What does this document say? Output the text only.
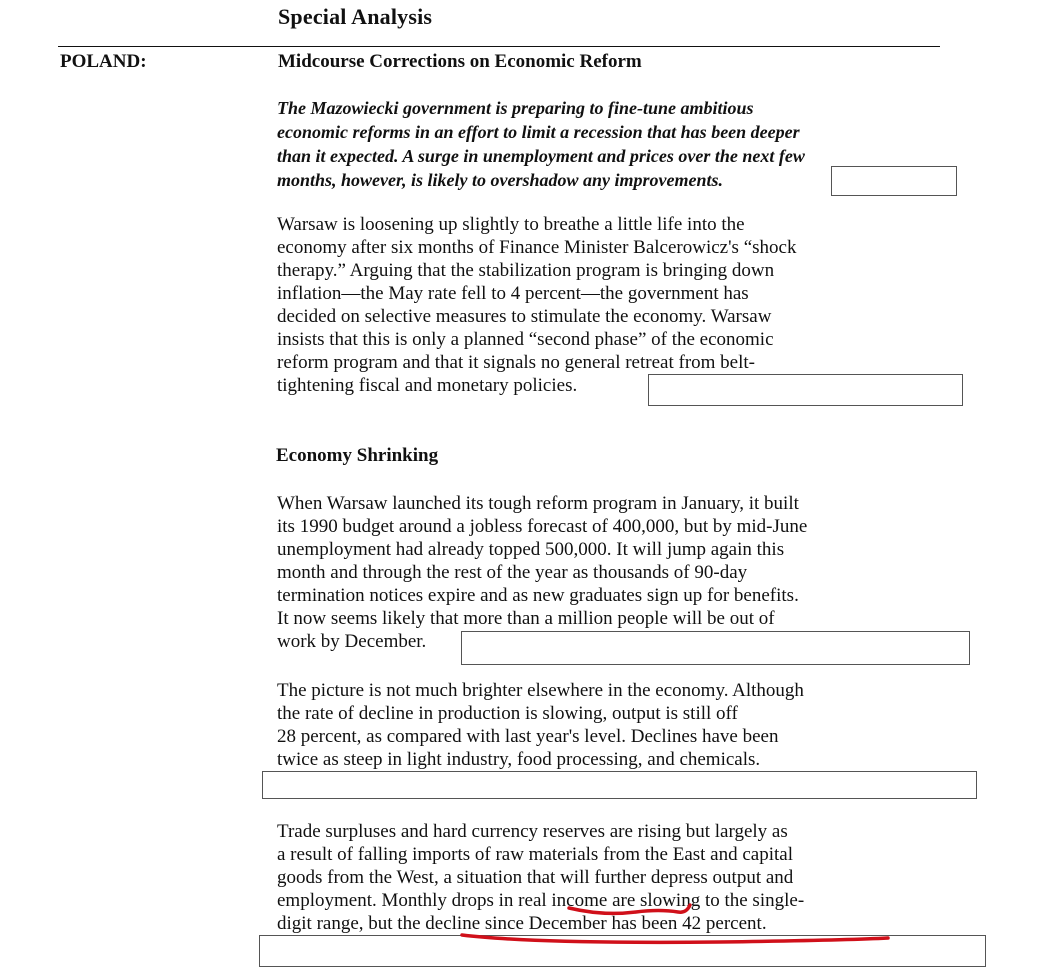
Special Analysis
POLAND:	Midcourse Corrections on Economic Reform
The Mazowiecki government is preparing to fine-tune ambitious
economic reforms in an effort to limit a recession that has been deeper
than it expected. A surge in unemployment and prices over the next few
months, however, is likely to overshadow any improvements.
Warsaw is loosening up slightly to breathe a little life into the
economy after six months of Finance Minister Balcerowicz's “shock
therapy.” Arguing that the stabilization program is bringing down
inflation—the May rate fell to 4 percent—the government has
decided on selective measures to stimulate the economy. Warsaw
insists that this is only a planned “second phase” of the economic
reform program and that it signals no general retreat from belt-
tightening fiscal and monetary policies.
Economy Shrinking
When Warsaw launched its tough reform program in January, it built
its 1990 budget around a jobless forecast of 400,000, but by mid-June
unemployment had already topped 500,000. It will jump again this
month and through the rest of the year as thousands of 90-day
termination notices expire and as new graduates sign up for benefits.
It now seems likely that more than a million people will be out of
work by December.
The picture is not much brighter elsewhere in the economy. Although
the rate of decline in production is slowing, output is still off
28 percent, as compared with last year's level. Declines have been
twice as steep in light industry, food processing, and chemicals.
Trade surpluses and hard currency reserves are rising but largely as
a result of falling imports of raw materials from the East and capital
goods from the West, a situation that will further depress output and
employment. Monthly drops in real income are slowing to the single-
digit range, but the decline since December has been 42 percent.
